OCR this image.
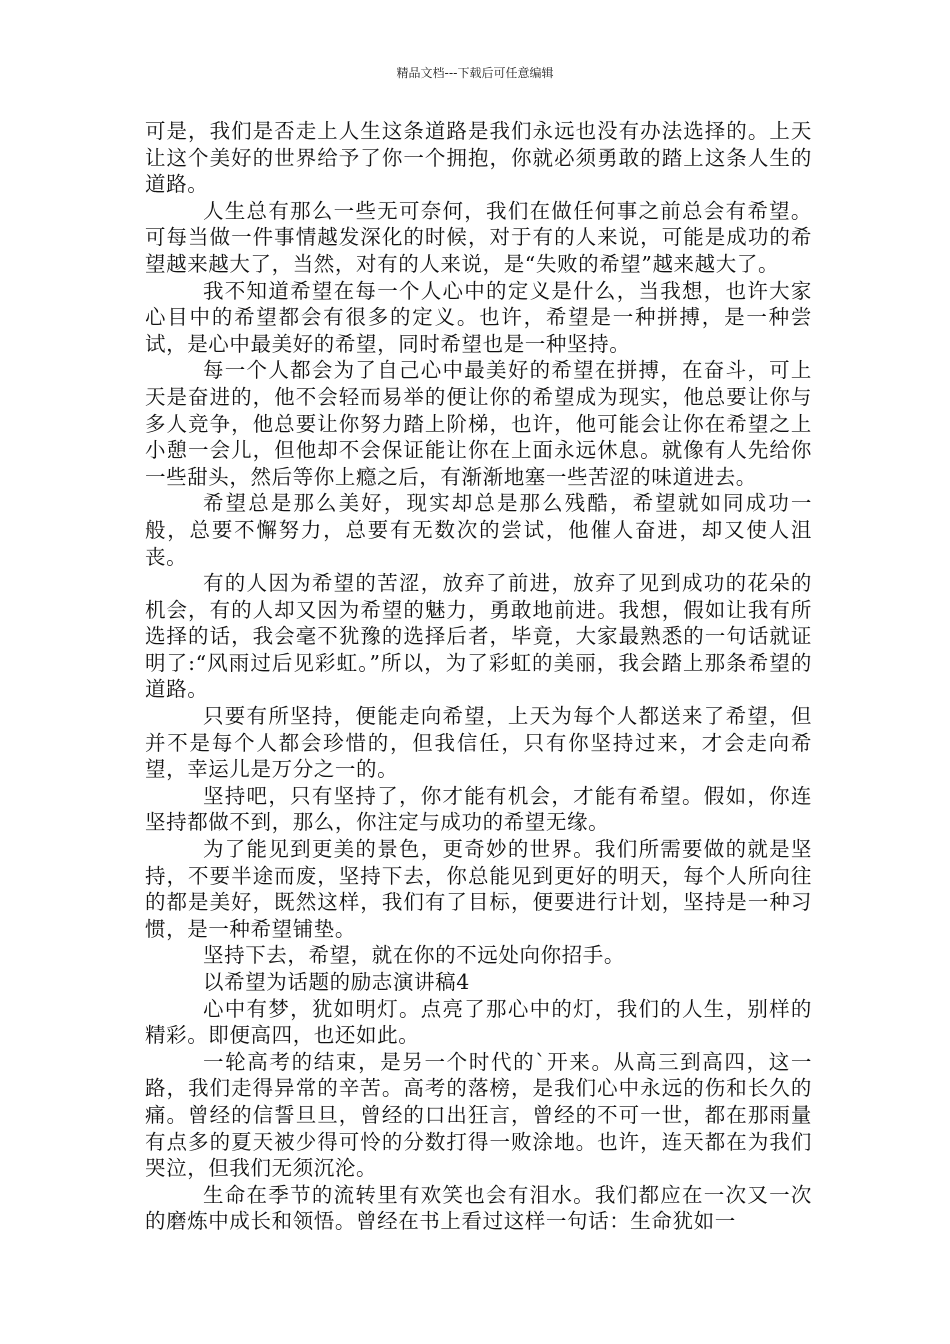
精品文档---下载后可任意编辑

可是，我们是否走上人生这条道路是我们永远也没有办法选择的。上天让这个美好的世界给予了你一个拥抱，你就必须勇敢的踏上这条人生的道路。

人生总有那么一些无可奈何，我们在做任何事之前总会有希望。可每当做一件事情越发深化的时候，对于有的人来说，可能是成功的希望越来越大了，当然，对有的人来说，是“失败的希望”越来越大了。

我不知道希望在每一个人心中的定义是什么，当我想，也许大家心目中的希望都会有很多的定义。也许，希望是一种拼搏，是一种尝试，是心中最美好的希望，同时希望也是一种坚持。

每一个人都会为了自己心中最美好的希望在拼搏，在奋斗，可上天是奋进的，他不会轻而易举的便让你的希望成为现实，他总要让你与多人竞争，他总要让你努力踏上阶梯，也许，他可能会让你在希望之上小憩一会儿，但他却不会保证能让你在上面永远休息。就像有人先给你一些甜头，然后等你上瘾之后，有渐渐地塞一些苦涩的味道进去。

希望总是那么美好，现实却总是那么残酷，希望就如同成功一般，总要不懈努力，总要有无数次的尝试，他催人奋进，却又使人沮丧。

有的人因为希望的苦涩，放弃了前进，放弃了见到成功的花朵的机会，有的人却又因为希望的魅力，勇敢地前进。我想，假如让我有所选择的话，我会毫不犹豫的选择后者，毕竟，大家最熟悉的一句话就证明了:“风雨过后见彩虹。”所以，为了彩虹的美丽，我会踏上那条希望的道路。

只要有所坚持，便能走向希望，上天为每个人都送来了希望，但并不是每个人都会珍惜的，但我信任，只有你坚持过来，才会走向希望，幸运儿是万分之一的。

坚持吧，只有坚持了，你才能有机会，才能有希望。假如，你连坚持都做不到，那么，你注定与成功的希望无缘。

为了能见到更美的景色，更奇妙的世界。我们所需要做的就是坚持，不要半途而废，坚持下去，你总能见到更好的明天，每个人所向往的都是美好，既然这样，我们有了目标，便要进行计划，坚持是一种习惯，是一种希望铺垫。

坚持下去，希望，就在你的不远处向你招手。

以希望为话题的励志演讲稿4

心中有梦，犹如明灯。点亮了那心中的灯，我们的人生，别样的精彩。即便高四，也还如此。

一轮高考的结束，是另一个时代的`开来。从高三到高四，这一路，我们走得异常的辛苦。高考的落榜，是我们心中永远的伤和长久的痛。曾经的信誓旦旦，曾经的口出狂言，曾经的不可一世，都在那雨量有点多的夏天被少得可怜的分数打得一败涂地。也许，连天都在为我们哭泣，但我们无须沉沦。

生命在季节的流转里有欢笑也会有泪水。我们都应在一次又一次的磨炼中成长和领悟。曾经在书上看过这样一句话：生命犹如一
